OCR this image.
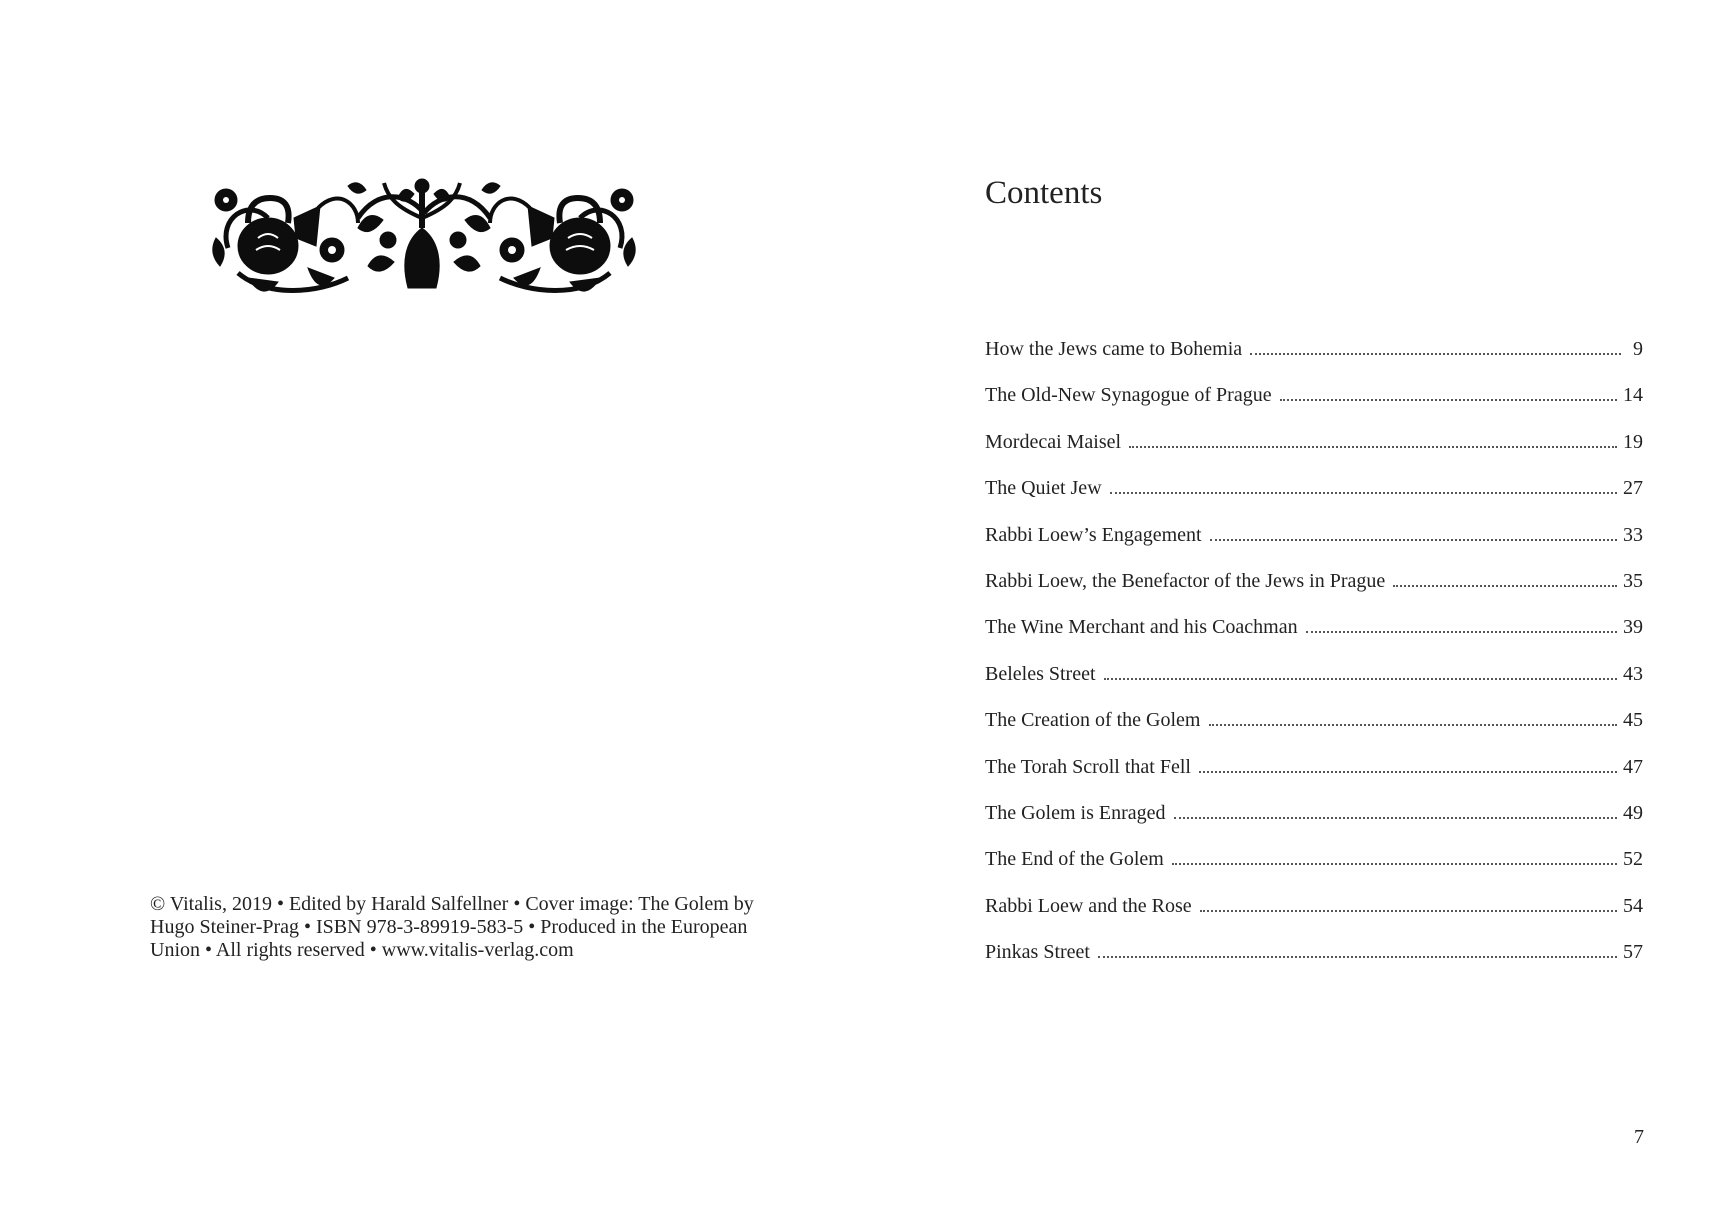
© Vitalis, 2019 • Edited by Harald Salfellner • Cover image: The Golem by Hugo Steiner-Prag • ISBN 978-3-89919-583-5 • Produced in the European Union • All rights reserved • www.vitalis-verlag.com
Contents
How the Jews came to Bohemia	9
The Old-New Synagogue of Prague	14
Mordecai Maisel	19
The Quiet Jew	27
Rabbi Loew’s Engagement	33
Rabbi Loew, the Benefactor of the Jews in Prague	35
The Wine Merchant and his Coachman	39
Beleles Street	43
The Creation of the Golem	45
The Torah Scroll that Fell	47
The Golem is Enraged	49
The End of the Golem	52
Rabbi Loew and the Rose	54
Pinkas Street	57
7
